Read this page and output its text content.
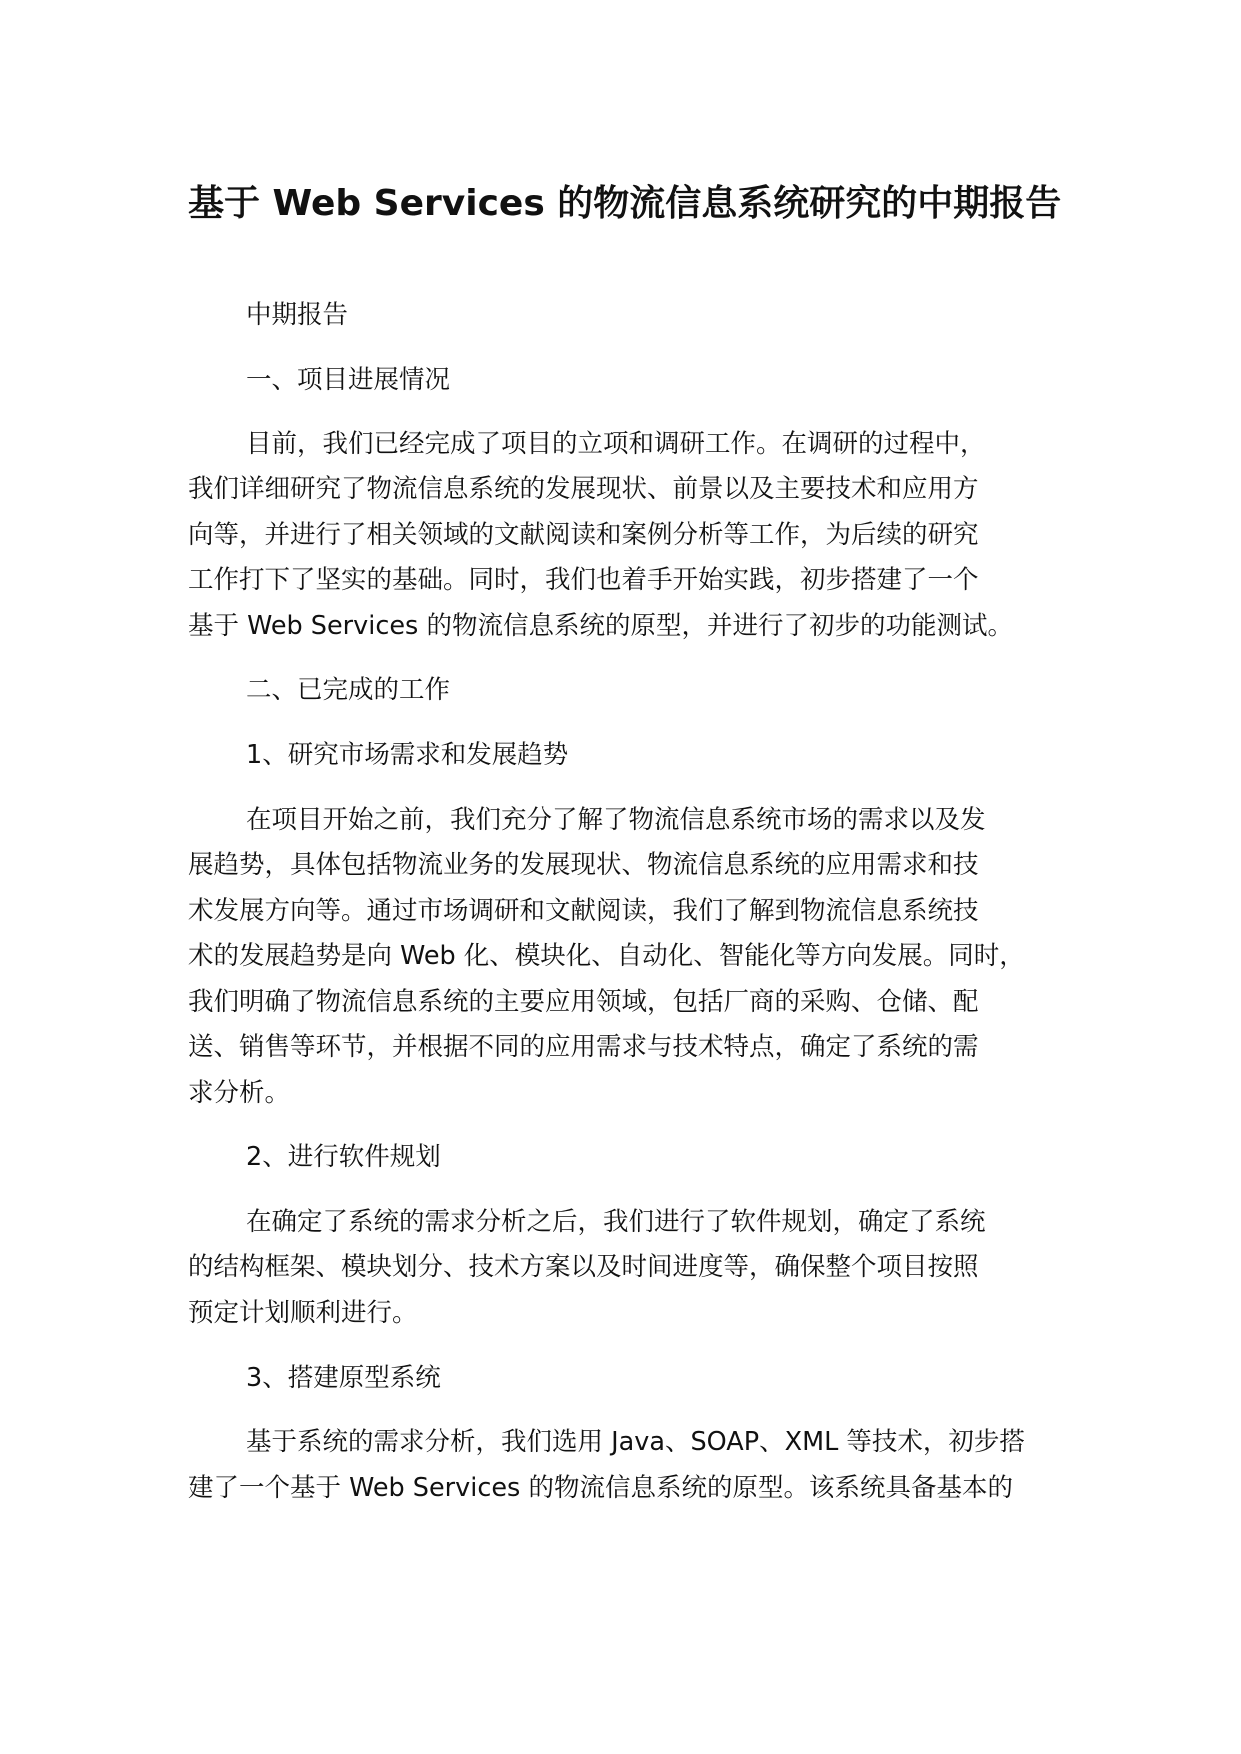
基于 Web Services 的物流信息系统研究的中期报告

中期报告

一、项目进展情况

目前，我们已经完成了项目的立项和调研工作。在调研的过程中，

我们详细研究了物流信息系统的发展现状、前景以及主要技术和应用方

向等，并进行了相关领域的文献阅读和案例分析等工作，为后续的研究

工作打下了坚实的基础。同时，我们也着手开始实践，初步搭建了一个

基于 Web Services 的物流信息系统的原型，并进行了初步的功能测试。

二、已完成的工作

1、研究市场需求和发展趋势

在项目开始之前，我们充分了解了物流信息系统市场的需求以及发

展趋势，具体包括物流业务的发展现状、物流信息系统的应用需求和技

术发展方向等。通过市场调研和文献阅读，我们了解到物流信息系统技

术的发展趋势是向 Web 化、模块化、自动化、智能化等方向发展。同时，

我们明确了物流信息系统的主要应用领域，包括厂商的采购、仓储、配

送、销售等环节，并根据不同的应用需求与技术特点，确定了系统的需

求分析。

2、进行软件规划

在确定了系统的需求分析之后，我们进行了软件规划，确定了系统

的结构框架、模块划分、技术方案以及时间进度等，确保整个项目按照

预定计划顺利进行。

3、搭建原型系统

基于系统的需求分析，我们选用 Java、SOAP、XML 等技术，初步搭

建了一个基于 Web Services 的物流信息系统的原型。该系统具备基本的
